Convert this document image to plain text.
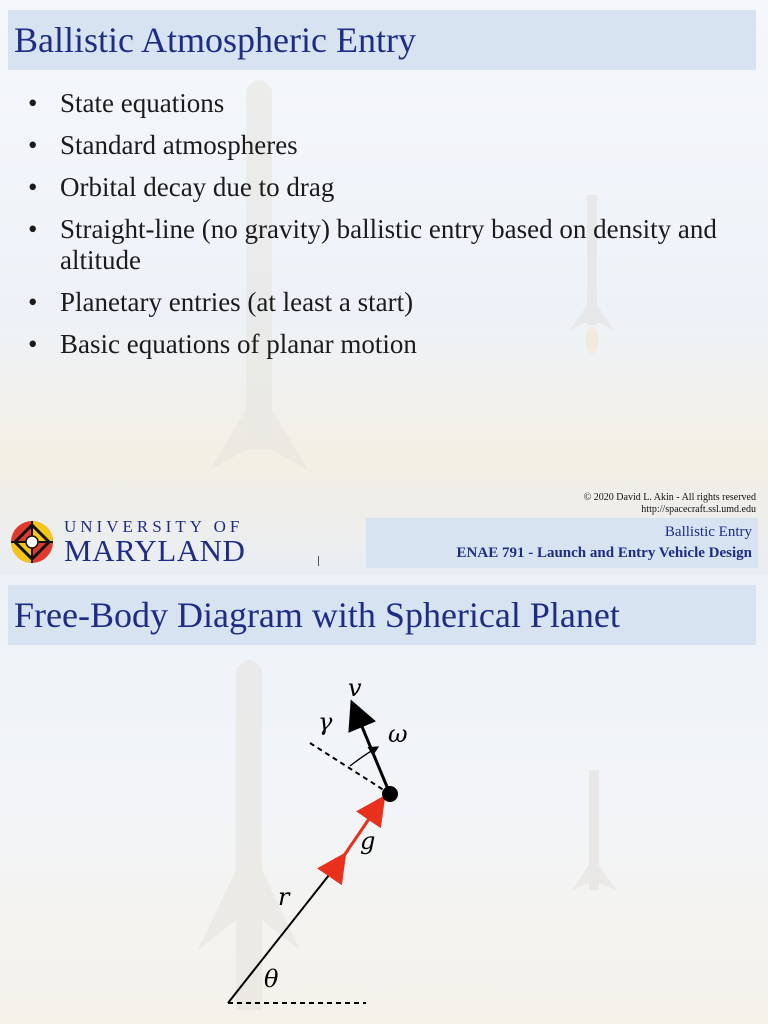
Ballistic Atmospheric Entry
• State equations
• Standard atmospheres
• Orbital decay due to drag
• Straight-line (no gravity) ballistic entry based on density and altitude
• Planetary entries (at least a start)
• Basic equations of planar motion
© 2020 David L. Akin - All rights reserved
http://spacecraft.ssl.umd.edu
UNIVERSITY OF
MARYLAND
Ballistic Entry
ENAE 791 - Launch and Entry Vehicle Design
Free-Body Diagram with Spherical Planet
v
γ ω
g
r
θ
